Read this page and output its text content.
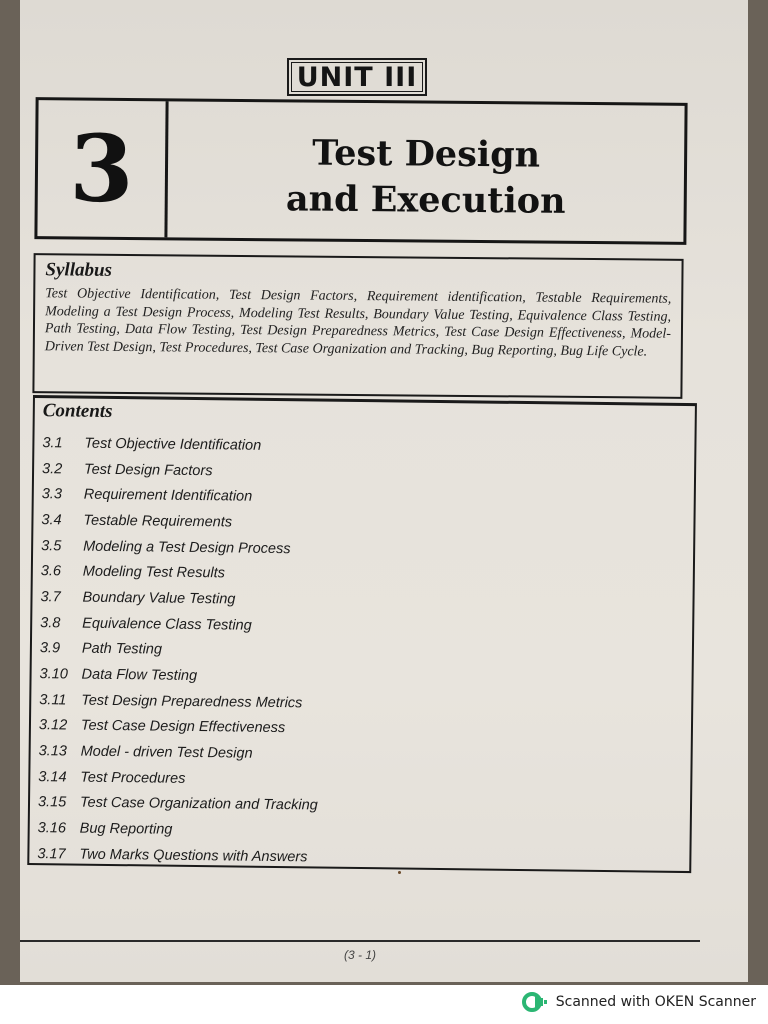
UNIT III
3	Test Design
and Execution

Syllabus

Test Objective Identification, Test Design Factors, Requirement identification, Testable Requirements, Modeling a Test Design Process, Modeling Test Results, Boundary Value Testing, Equivalence Class Testing, Path Testing, Data Flow Testing, Test Design Preparedness Metrics, Test Case Design Effectiveness, Model-Driven Test Design, Test Procedures, Test Case Organization and Tracking, Bug Reporting, Bug Life Cycle.

Contents

3.1	Test Objective Identification
3.2	Test Design Factors
3.3	Requirement Identification
3.4	Testable Requirements
3.5	Modeling a Test Design Process
3.6	Modeling Test Results
3.7	Boundary Value Testing
3.8	Equivalence Class Testing
3.9	Path Testing
3.10 Data Flow Testing
3.11	Test Design Preparedness Metrics
3.12 Test Case Design Effectiveness
3.13 Model - driven Test Design
3.14 Test Procedures
3.15 Test Case Organization and Tracking
3.16 Bug Reporting
3.17 Two Marks Questions with Answers
(3 - 1)
Scanned with OKEN Scanner
